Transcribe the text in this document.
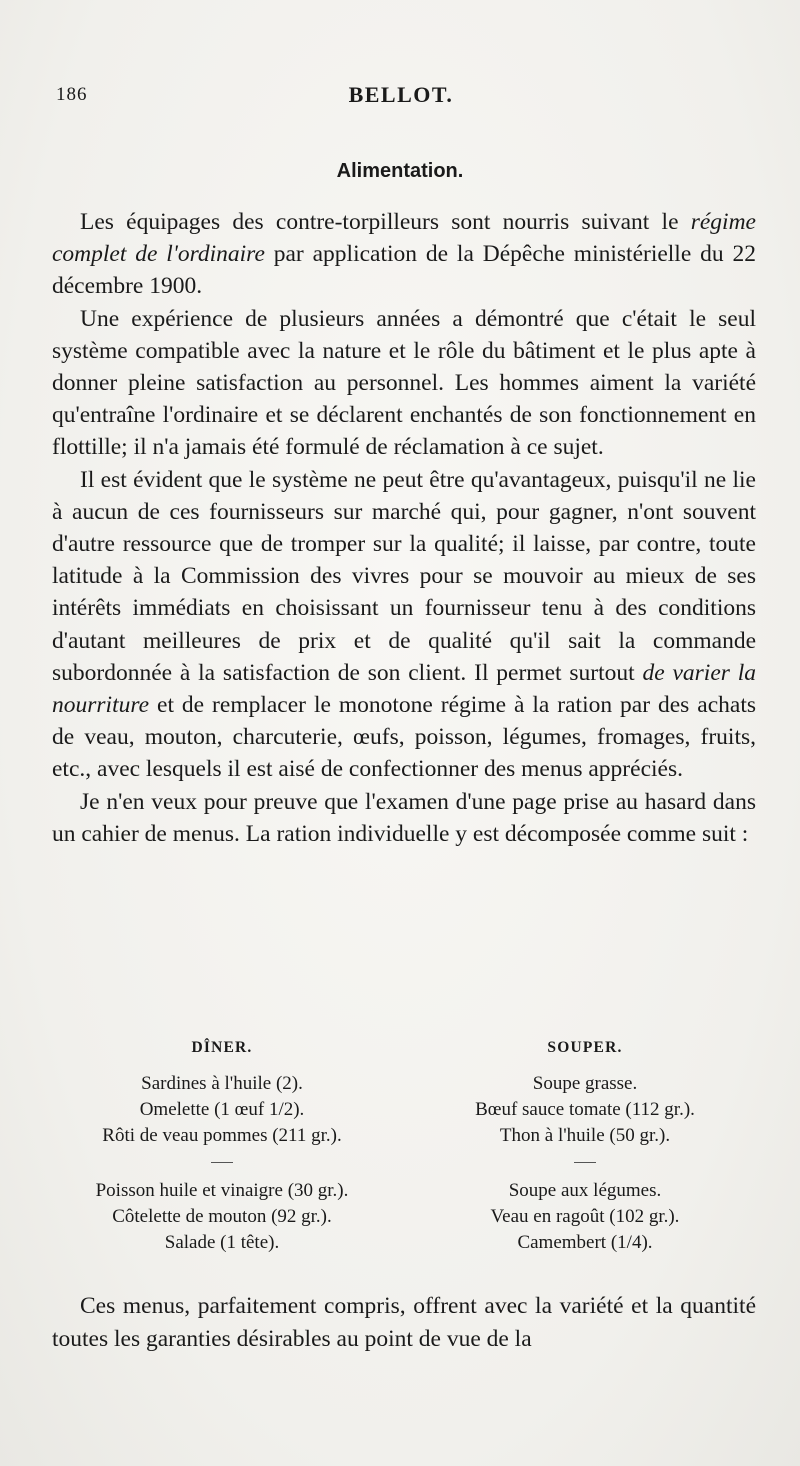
186	BELLOT.
Alimentation.

Les équipages des contre-torpilleurs sont nourris suivant le régime complet de l'ordinaire par application de la Dépêche ministérielle du 22 décembre 1900.

Une expérience de plusieurs années a démontré que c'était le seul système compatible avec la nature et le rôle du bâtiment et le plus apte à donner pleine satisfaction au personnel. Les hommes aiment la variété qu'entraîne l'ordinaire et se déclarent enchantés de son fonctionnement en flottille; il n'a jamais été formulé de réclamation à ce sujet.

Il est évident que le système ne peut être qu'avantageux, puisqu'il ne lie à aucun de ces fournisseurs sur marché qui, pour gagner, n'ont souvent d'autre ressource que de tromper sur la qualité; il laisse, par contre, toute latitude à la Commission des vivres pour se mouvoir au mieux de ses intérêts immédiats en choisissant un fournisseur tenu à des conditions d'autant meilleures de prix et de qualité qu'il sait la commande subordonnée à la satisfaction de son client. Il permet surtout de varier la nourriture et de remplacer le monotone régime à la ration par des achats de veau, mouton, charcuterie, œufs, poisson, légumes, fromages, fruits, etc., avec lesquels il est aisé de confectionner des menus appréciés.

Je n'en veux pour preuve que l'examen d'une page prise au hasard dans un cahier de menus. La ration individuelle y est décomposée comme suit :

DÎNER.
Sardines à l'huile (2).
Omelette (1 œuf 1/2).
Rôti de veau pommes (211 gr.).
Poisson huile et vinaigre (30 gr.).
Côtelette de mouton (92 gr.).
Salade (1 tête).
SOUPER.
Soupe grasse.
Bœuf sauce tomate (112 gr.).
Thon à l'huile (50 gr.).
Soupe aux légumes.
Veau en ragoût (102 gr.).
Camembert (1/4).

Ces menus, parfaitement compris, offrent avec la variété et la quantité toutes les garanties désirables au point de vue de la
